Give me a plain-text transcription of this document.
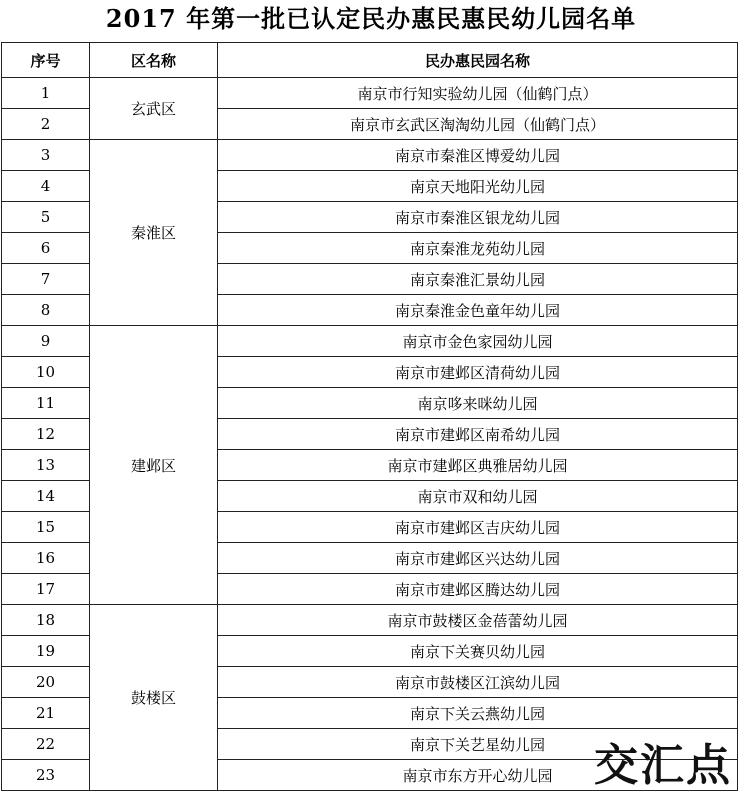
2017 年第一批已认定民办惠民惠民幼儿园名单
序号	区名称	民办惠民园名称
1	玄武区	南京市行知实验幼儿园（仙鹤门点）
2		南京市玄武区淘淘幼儿园（仙鹤门点）
3	秦淮区	南京市秦淮区博爱幼儿园
4		南京天地阳光幼儿园
5		南京市秦淮区银龙幼儿园
6		南京秦淮龙苑幼儿园
7		南京秦淮汇景幼儿园
8		南京秦淮金色童年幼儿园
9	建邺区	南京市金色家园幼儿园
10		南京市建邺区清荷幼儿园
11		南京哆来咪幼儿园
12		南京市建邺区南希幼儿园
13		南京市建邺区典雅居幼儿园
14		南京市双和幼儿园
15		南京市建邺区吉庆幼儿园
16		南京市建邺区兴达幼儿园
17		南京市建邺区腾达幼儿园
18	鼓楼区	南京市鼓楼区金蓓蕾幼儿园
19		南京下关赛贝幼儿园
20		南京市鼓楼区江滨幼儿园
21		南京下关云燕幼儿园
22		南京下关艺星幼儿园
23		南京市东方开心幼儿园 交汇点
